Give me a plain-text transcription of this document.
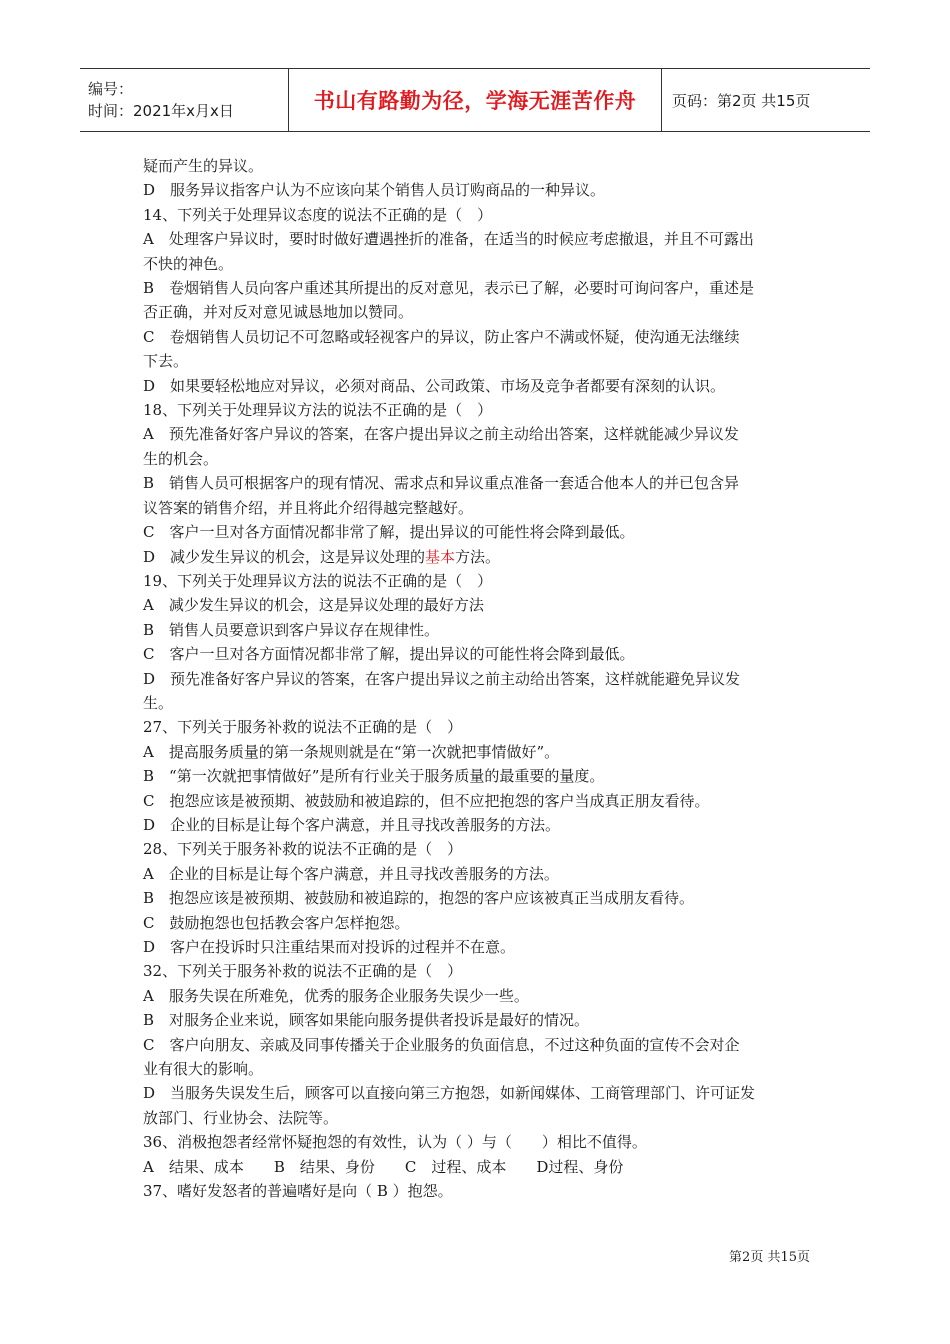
编号：
时间：2021年x月x日	书山有路勤为径，学海无涯苦作舟 页码：第2页 共15页
疑而产生的异议。
D　服务异议指客户认为不应该向某个销售人员订购商品的一种异议。
14、下列关于处理异议态度的说法不正确的是（　）
A　处理客户异议时，要时时做好遭遇挫折的准备，在适当的时候应考虑撤退，并且不可露出
不快的神色。
B　卷烟销售人员向客户重述其所提出的反对意见，表示已了解，必要时可询问客户，重述是
否正确，并对反对意见诚恳地加以赞同。
C　卷烟销售人员切记不可忽略或轻视客户的异议，防止客户不满或怀疑，使沟通无法继续
下去。
D　如果要轻松地应对异议，必须对商品、公司政策、市场及竞争者都要有深刻的认识。
18、下列关于处理异议方法的说法不正确的是（　）
A　预先准备好客户异议的答案，在客户提出异议之前主动给出答案，这样就能减少异议发
生的机会。
B　销售人员可根据客户的现有情况、需求点和异议重点准备一套适合他本人的并已包含异
议答案的销售介绍，并且将此介绍得越完整越好。
C　客户一旦对各方面情况都非常了解，提出异议的可能性将会降到最低。
D　减少发生异议的机会，这是异议处理的基本方法。
19、下列关于处理异议方法的说法不正确的是（　）
A　减少发生异议的机会，这是异议处理的最好方法
B　销售人员要意识到客户异议存在规律性。
C　客户一旦对各方面情况都非常了解，提出异议的可能性将会降到最低。
D　预先准备好客户异议的答案，在客户提出异议之前主动给出答案，这样就能避免异议发
生。
27、下列关于服务补救的说法不正确的是（　）
A　提高服务质量的第一条规则就是在“第一次就把事情做好”。
B　“第一次就把事情做好”是所有行业关于服务质量的最重要的量度。
C　抱怨应该是被预期、被鼓励和被追踪的，但不应把抱怨的客户当成真正朋友看待。
D　企业的目标是让每个客户满意，并且寻找改善服务的方法。
28、下列关于服务补救的说法不正确的是（　）
A　企业的目标是让每个客户满意，并且寻找改善服务的方法。
B　抱怨应该是被预期、被鼓励和被追踪的，抱怨的客户应该被真正当成朋友看待。
C　鼓励抱怨也包括教会客户怎样抱怨。
D　客户在投诉时只注重结果而对投诉的过程并不在意。
32、下列关于服务补救的说法不正确的是（　）
A　服务失误在所难免，优秀的服务企业服务失误少一些。
B　对服务企业来说，顾客如果能向服务提供者投诉是最好的情况。
C　客户向朋友、亲戚及同事传播关于企业服务的负面信息，不过这种负面的宣传不会对企
业有很大的影响。
D　当服务失误发生后，顾客可以直接向第三方抱怨，如新闻媒体、工商管理部门、许可证发
放部门、行业协会、法院等。
36、消极抱怨者经常怀疑抱怨的有效性，认为（ ）与（　　）相比不值得。
A　结果、成本　　B　结果、身份　　C　过程、成本　　D过程、身份
37、嗜好发怒者的普遍嗜好是向（ B ）抱怨。
第2页 共15页
